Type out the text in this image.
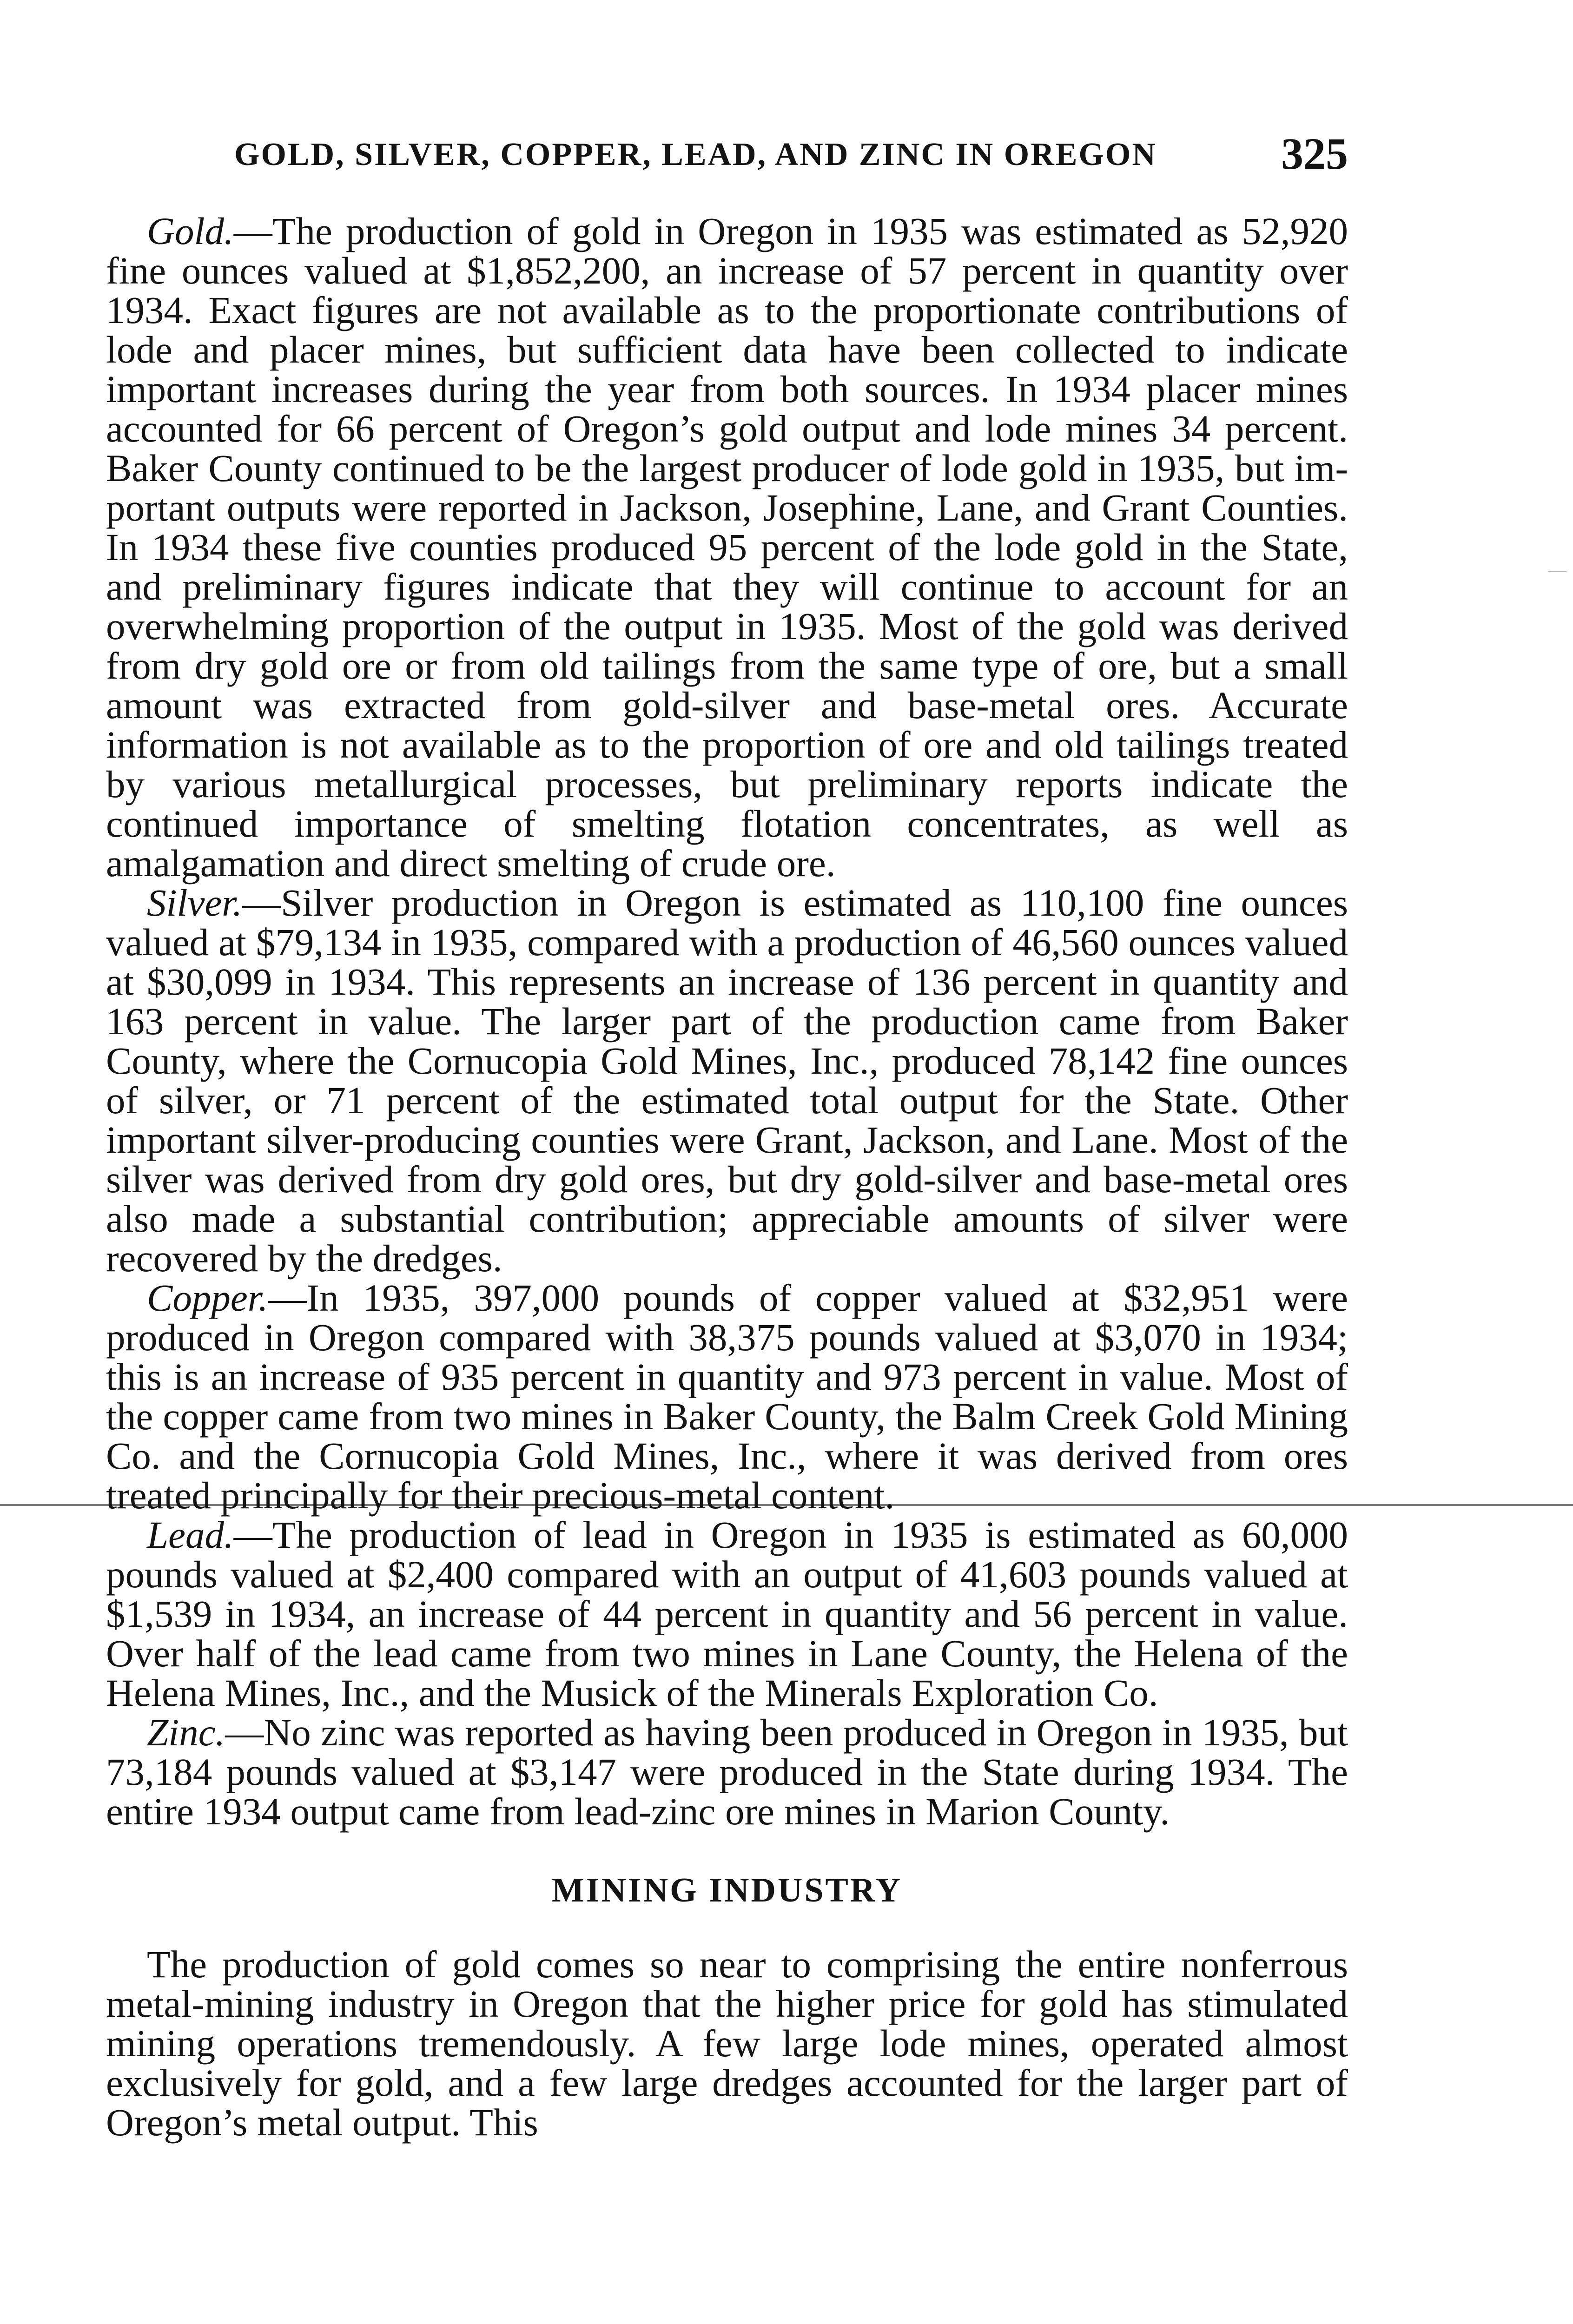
GOLD, SILVER, COPPER, LEAD, AND ZINC IN OREGON	325

Gold.—The production of gold in Oregon in 1935 was estimated as 52,920 fine ounces valued at $1,852,200, an increase of 57 percent in quantity over 1934. Exact figures are not available as to the proportionate contributions of lode and placer mines, but sufficient data have been collected to indicate important increases during the year from both sources. In 1934 placer mines accounted for 66 percent of Oregon’s gold output and lode mines 34 percent. Baker County continued to be the largest producer of lode gold in 1935, but important outputs were reported in Jackson, Josephine, Lane, and Grant Counties. In 1934 these five counties produced 95 percent of the lode gold in the State, and preliminary figures indicate that they will continue to account for an overwhelming proportion of the output in 1935. Most of the gold was derived from dry gold ore or from old tailings from the same type of ore, but a small amount was extracted from gold-silver and base-metal ores. Accurate information is not available as to the proportion of ore and old tailings treated by various metallurgical processes, but preliminary reports indicate the continued importance of smelting flotation concentrates, as well as amalgamation and direct smelting of crude ore.

Silver.—Silver production in Oregon is estimated as 110,100 fine ounces valued at $79,134 in 1935, compared with a production of 46,560 ounces valued at $30,099 in 1934. This represents an increase of 136 percent in quantity and 163 percent in value. The larger part of the production came from Baker County, where the Cornucopia Gold Mines, Inc., produced 78,142 fine ounces of silver, or 71 percent of the estimated total output for the State. Other important silver-producing counties were Grant, Jackson, and Lane. Most of the silver was derived from dry gold ores, but dry gold-silver and base-metal ores also made a substantial contribution; appreciable amounts of silver were recovered by the dredges.

Copper.—In 1935, 397,000 pounds of copper valued at $32,951 were produced in Oregon compared with 38,375 pounds valued at $3,070 in 1934; this is an increase of 935 percent in quantity and 973 percent in value. Most of the copper came from two mines in Baker County, the Balm Creek Gold Mining Co. and the Cornucopia Gold Mines, Inc., where it was derived from ores treated principally for their precious-metal content.

Lead.—The production of lead in Oregon in 1935 is estimated as 60,000 pounds valued at $2,400 compared with an output of 41,603 pounds valued at $1,539 in 1934, an increase of 44 percent in quantity and 56 percent in value. Over half of the lead came from two mines in Lane County, the Helena of the Helena Mines, Inc., and the Musick of the Minerals Exploration Co.

Zinc.—No zinc was reported as having been produced in Oregon in 1935, but 73,184 pounds valued at $3,147 were produced in the State during 1934. The entire 1934 output came from lead-zinc ore mines in Marion County.

MINING INDUSTRY

The production of gold comes so near to comprising the entire nonferrous metal-mining industry in Oregon that the higher price for gold has stimulated mining operations tremendously. A few large lode mines, operated almost exclusively for gold, and a few large dredges accounted for the larger part of Oregon’s metal output. This
